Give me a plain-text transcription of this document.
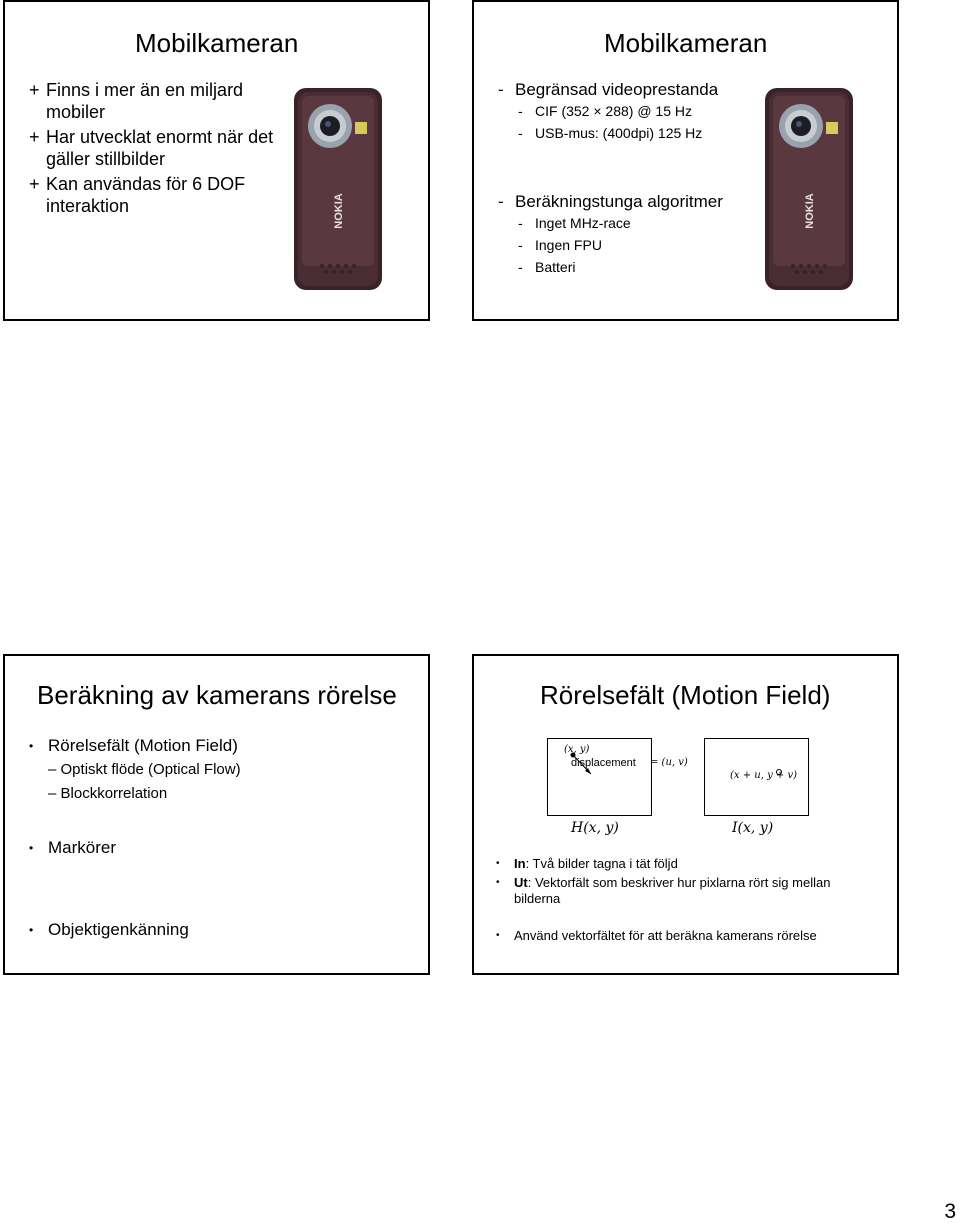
Mobilkameran
+ Finns i mer än en miljard mobiler
+ Har utvecklat enormt när det gäller stillbilder
+ Kan användas för 6 DOF interaktion	NOKIA
Mobilkameran
- Begränsad videoprestanda
- CIF (352 × 288) @ 15 Hz
- USB-mus: (400dpi) 125 Hz
- Beräkningstunga algoritmer
- Inget MHz-race
- Ingen FPU
- Batteri
NOKIA
Beräkning av kamerans rörelse
• Rörelsefält (Motion Field)
– Optiskt flöde (Optical Flow)
– Blockkorrelation
• Markörer
• Objektigenkänning
Rörelsefält (Motion Field)
(x, y)
displacement = (u, v)
(x + u, y + v)
H(x, y)	I(x, y)
•	In: Två bilder tagna i tät följd
•	Ut: Vektorfält som beskriver hur pixlarna rört sig mellan bilderna
•	Använd vektorfältet för att beräkna kamerans rörelse
3
